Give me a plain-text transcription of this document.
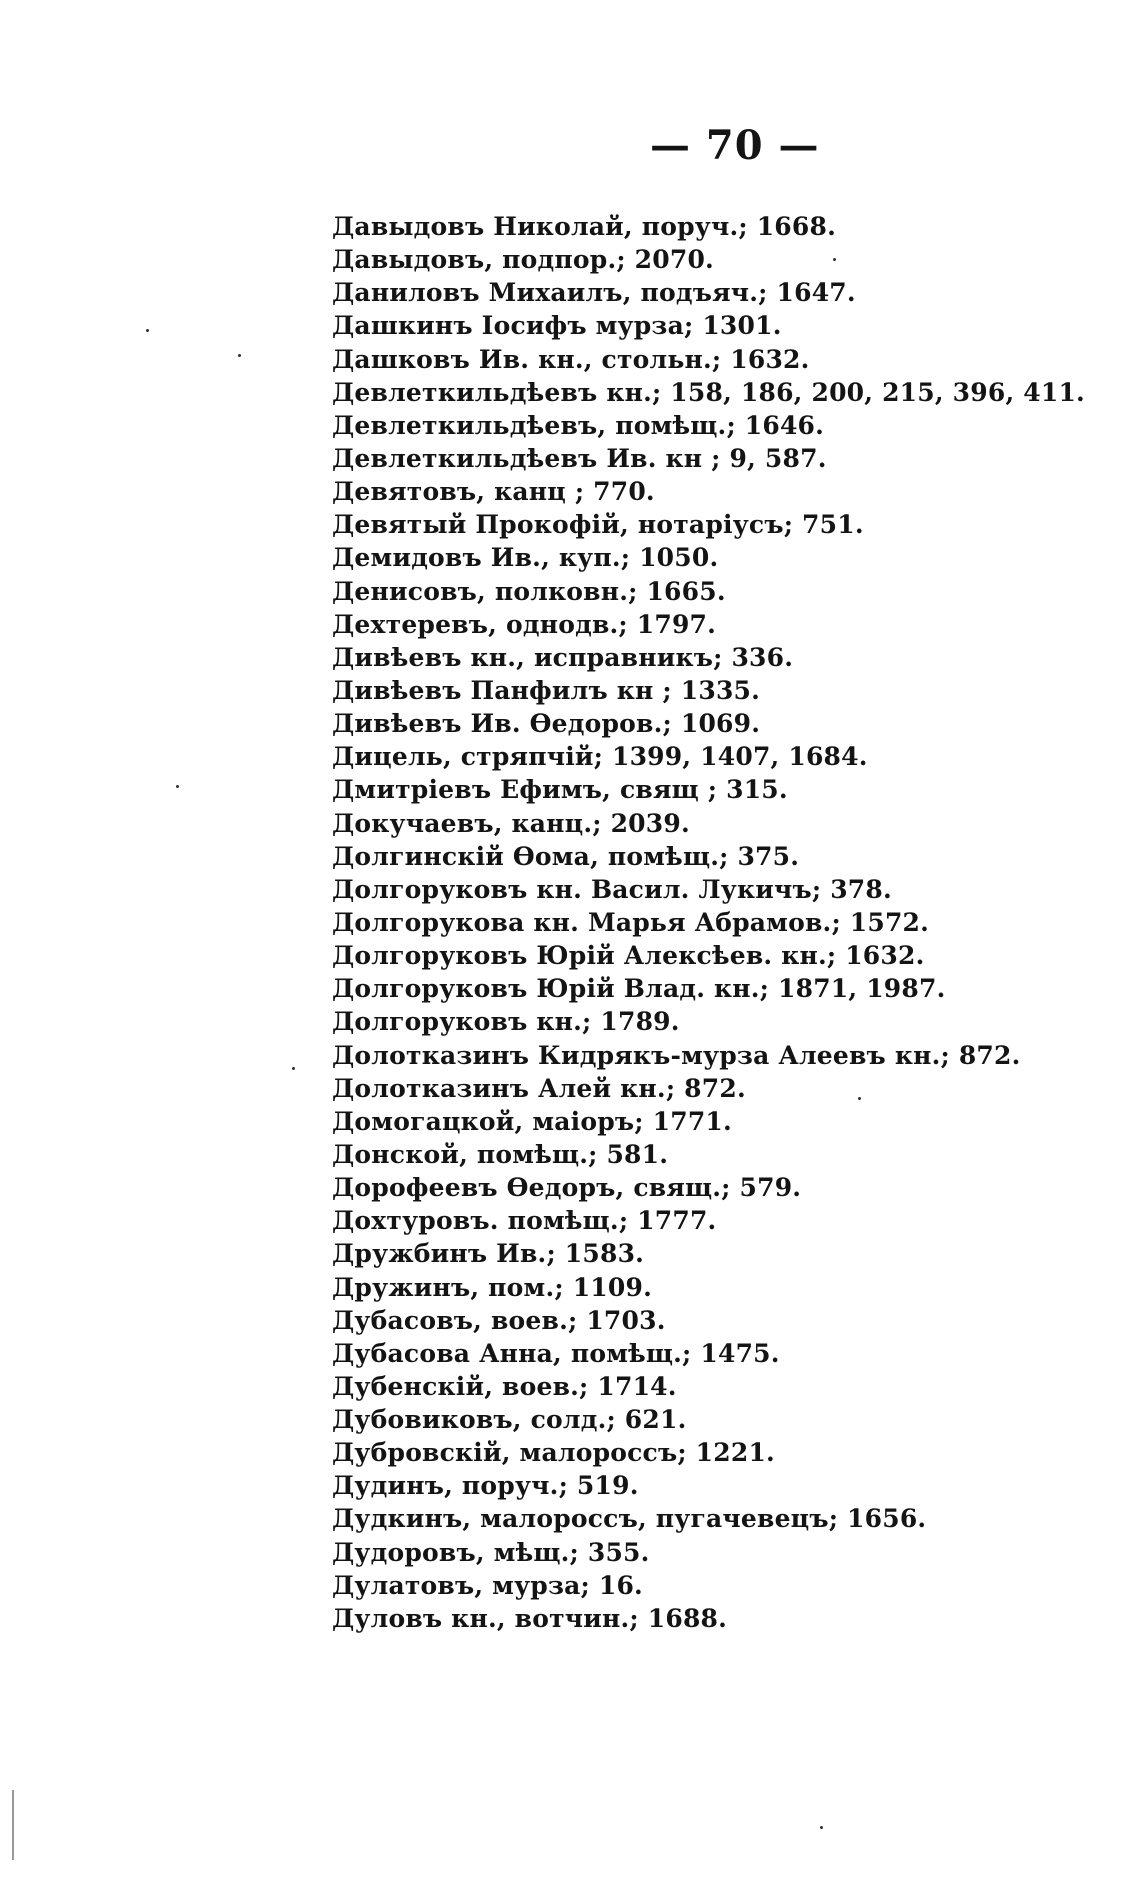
— 70 —
Давыдовъ Николай, поруч.; 1668.
Давыдовъ, подпор.; 2070.
Даниловъ Михаилъ, подъяч.; 1647.
Дашкинъ Іосифъ мурза; 1301.
Дашковъ Ив. кн., стольн.; 1632.
Девлеткильдѣевъ кн.; 158, 186, 200, 215, 396, 411.
Девлеткильдѣевъ, помѣщ.; 1646.
Девлеткильдѣевъ Ив. кн ; 9, 587.
Девятовъ, канц ; 770.
Девятый Прокофій, нотаріусъ; 751.
Демидовъ Ив., куп.; 1050.
Денисовъ, полковн.; 1665.
Дехтеревъ, однодв.; 1797.
Дивѣевъ кн., исправникъ; 336.
Дивѣевъ Панфилъ кн ; 1335.
Дивѣевъ Ив. Ѳедоров.; 1069.
Дицель, стряпчій; 1399, 1407, 1684.
Дмитріевъ Ефимъ, свящ ; 315.
Докучаевъ, канц.; 2039.
Долгинскій Ѳома, помѣщ.; 375.
Долгоруковъ кн. Васил. Лукичъ; 378.
Долгорукова кн. Марья Абрамов.; 1572.
Долгоруковъ Юрій Алексѣев. кн.; 1632.
Долгоруковъ Юрій Влад. кн.; 1871, 1987.
Долгоруковъ кн.; 1789.
Долотказинъ Кидрякъ-мурза Алеевъ кн.; 872.
Долотказинъ Алей кн.; 872.
Домогацкой, маіоръ; 1771.
Донской, помѣщ.; 581.
Дорофеевъ Ѳедоръ, свящ.; 579.
Дохтуровъ. помѣщ.; 1777.
Дружбинъ Ив.; 1583.
Дружинъ, пом.; 1109.
Дубасовъ, воев.; 1703.
Дубасова Анна, помѣщ.; 1475.
Дубенскій, воев.; 1714.
Дубовиковъ, солд.; 621.
Дубровскій, малороссъ; 1221.
Дудинъ, поруч.; 519.
Дудкинъ, малороссъ, пугачевецъ; 1656.
Дудоровъ, мѣщ.; 355.
Дулатовъ, мурза; 16.
Дуловъ кн., вотчин.; 1688.
